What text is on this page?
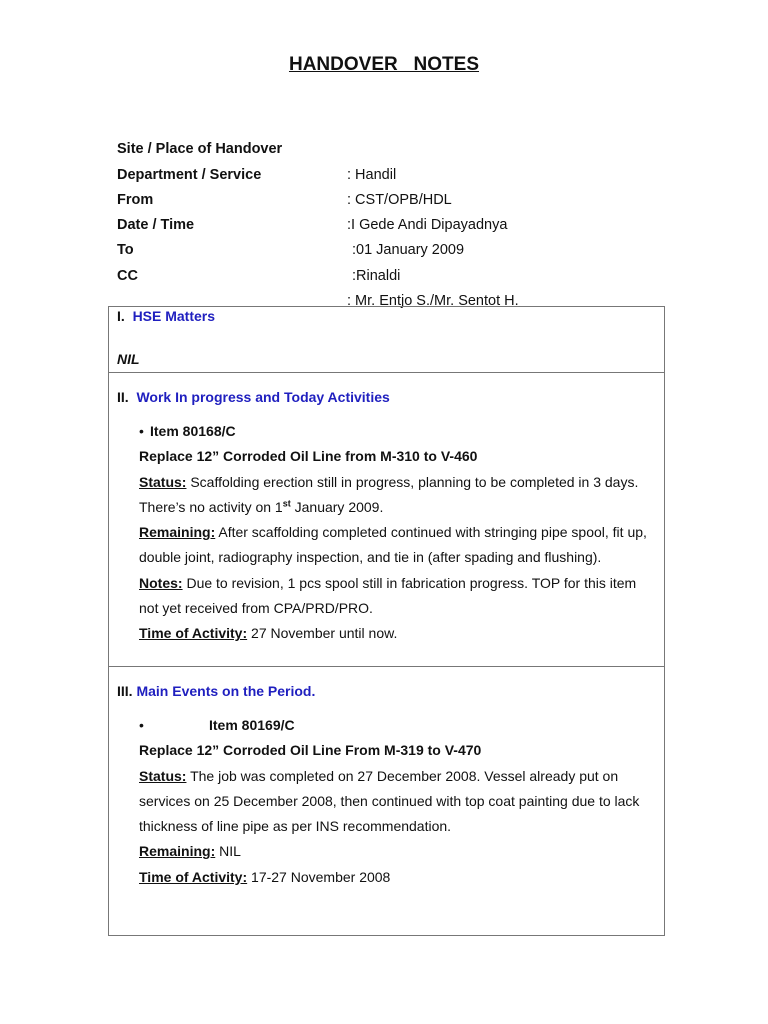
HANDOVER   NOTES

Site / Place of Handover

: Handil

Department / Service

: CST/OPB/HDL

From

:I Gede Andi Dipayadnya

Date / Time

:01 January 2009

To

:Rinaldi

CC

: Mr. Entjo S./Mr. Sentot H.

I. HSE Matters
NIL
II. Work In progress and Today Activities
• Item 80168/C

Replace 12” Corroded Oil Line from M-310 to V-460

Status: Scaffolding erection still in progress, planning to be completed in 3 days. There’s no activity on 1st January 2009.

Remaining: After scaffolding completed continued with stringing pipe spool, fit up, double joint, radiography inspection, and tie in (after spading and flushing).

Notes: Due to revision, 1 pcs spool still in fabrication progress. TOP for this item not yet received from CPA/PRD/PRO.

Time of Activity: 27 November until now.

III. Main Events on the Period.
•	Item 80169/C

Replace 12” Corroded Oil Line From M-319 to V-470

Status: The job was completed on 27 December 2008. Vessel already put on services on 25 December 2008, then continued with top coat painting due to lack thickness of line pipe as per INS recommendation.

Remaining: NIL

Time of Activity: 17-27 November 2008
